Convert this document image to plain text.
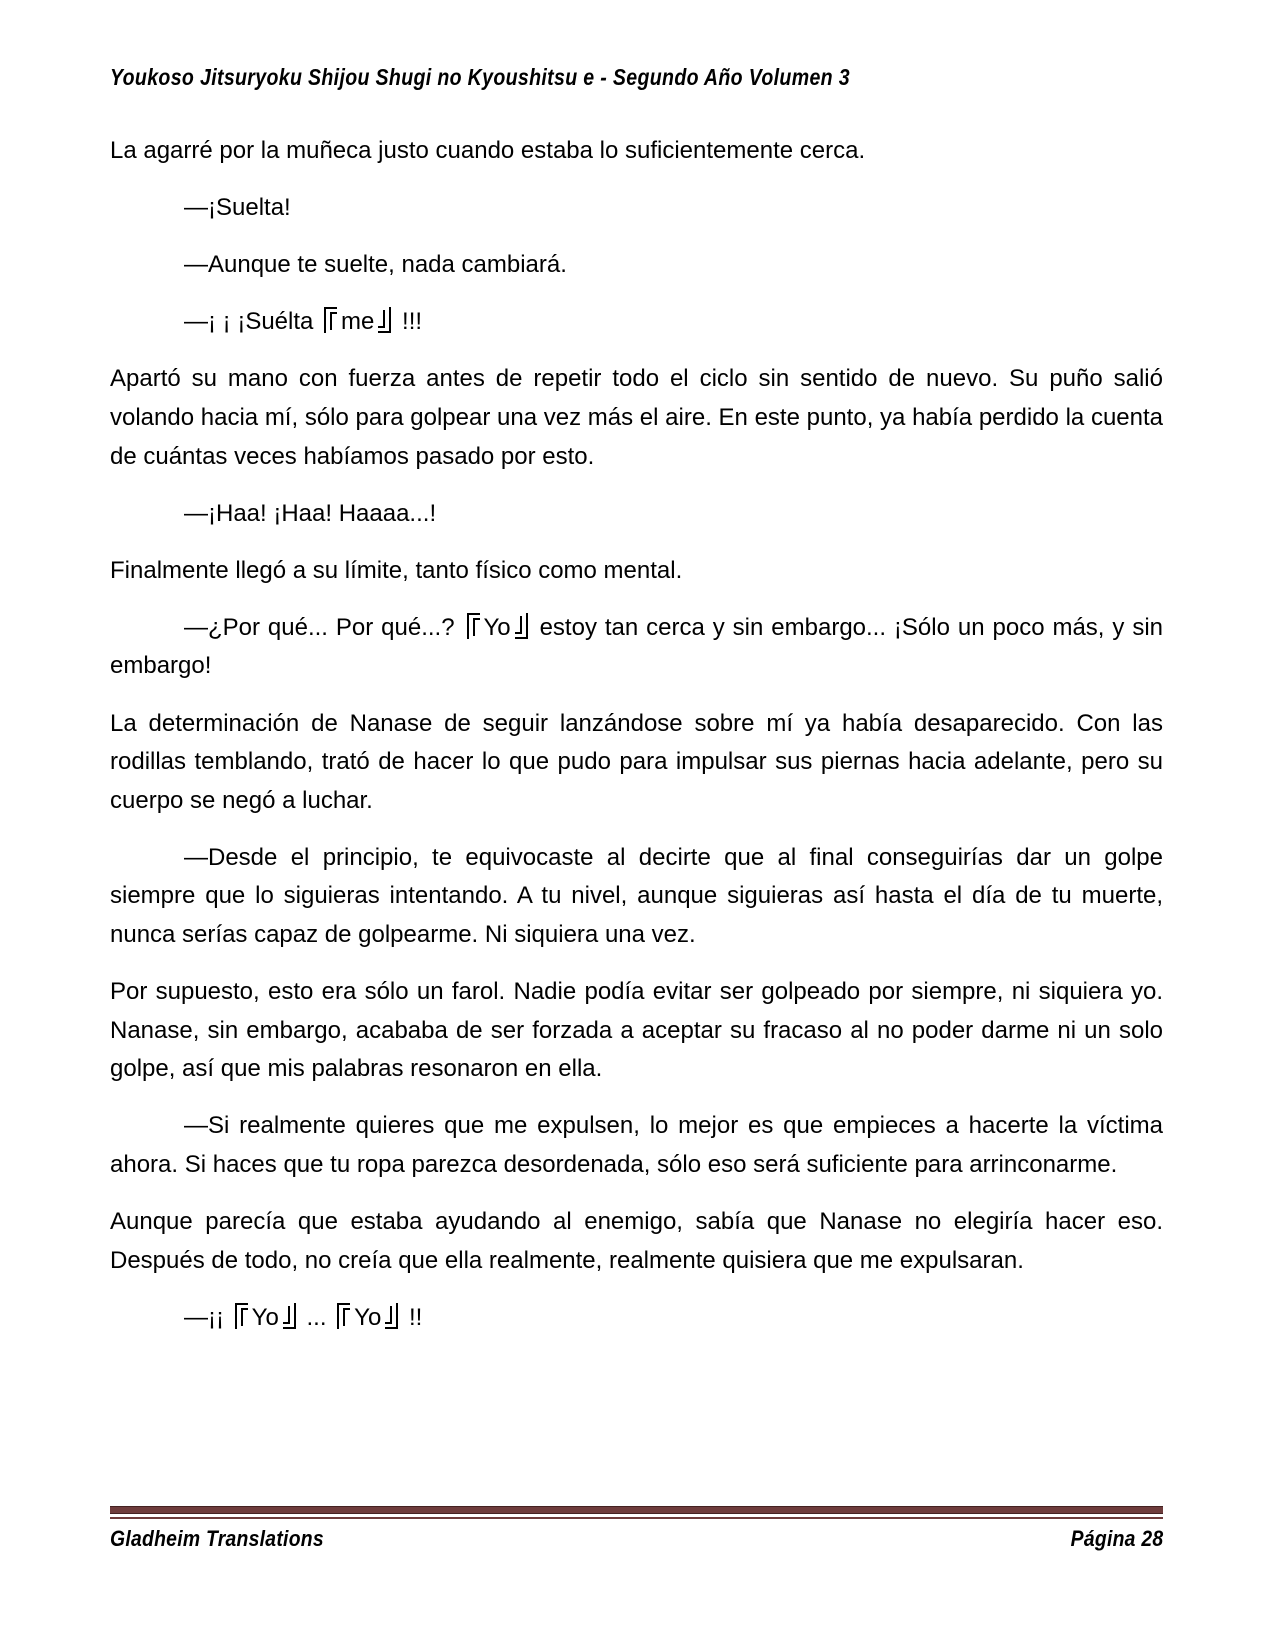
Youkoso Jitsuryoku Shijou Shugi no Kyoushitsu e - Segundo Año Volumen 3

La agarré por la muñeca justo cuando estaba lo suficientemente cerca.

—¡Suelta!

—Aunque te suelte, nada cambiará.

—¡ ¡ ¡Suélta me !!!

Apartó su mano con fuerza antes de repetir todo el ciclo sin sentido de nuevo. Su puño salió volando hacia mí, sólo para golpear una vez más el aire. En este punto, ya había perdido la cuenta de cuántas veces habíamos pasado por esto.

—¡Haa! ¡Haa! Haaaa...!

Finalmente llegó a su límite, tanto físico como mental.

—¿Por qué... Por qué...? Yo estoy tan cerca y sin embargo... ¡Sólo un poco más, y sin embargo!

La determinación de Nanase de seguir lanzándose sobre mí ya había desaparecido. Con las rodillas temblando, trató de hacer lo que pudo para impulsar sus piernas hacia adelante, pero su cuerpo se negó a luchar.

—Desde el principio, te equivocaste al decirte que al final conseguirías dar un golpe siempre que lo siguieras intentando. A tu nivel, aunque siguieras así hasta el día de tu muerte, nunca serías capaz de golpearme. Ni siquiera una vez.

Por supuesto, esto era sólo un farol. Nadie podía evitar ser golpeado por siempre, ni siquiera yo. Nanase, sin embargo, acababa de ser forzada a aceptar su fracaso al no poder darme ni un solo golpe, así que mis palabras resonaron en ella.

—Si realmente quieres que me expulsen, lo mejor es que empieces a hacerte la víctima ahora. Si haces que tu ropa parezca desordenada, sólo eso será suficiente para arrinconarme.

Aunque parecía que estaba ayudando al enemigo, sabía que Nanase no elegiría hacer eso. Después de todo, no creía que ella realmente, realmente quisiera que me expulsaran.

—¡¡ Yo ... Yo !!

Gladheim Translations	Página 28
